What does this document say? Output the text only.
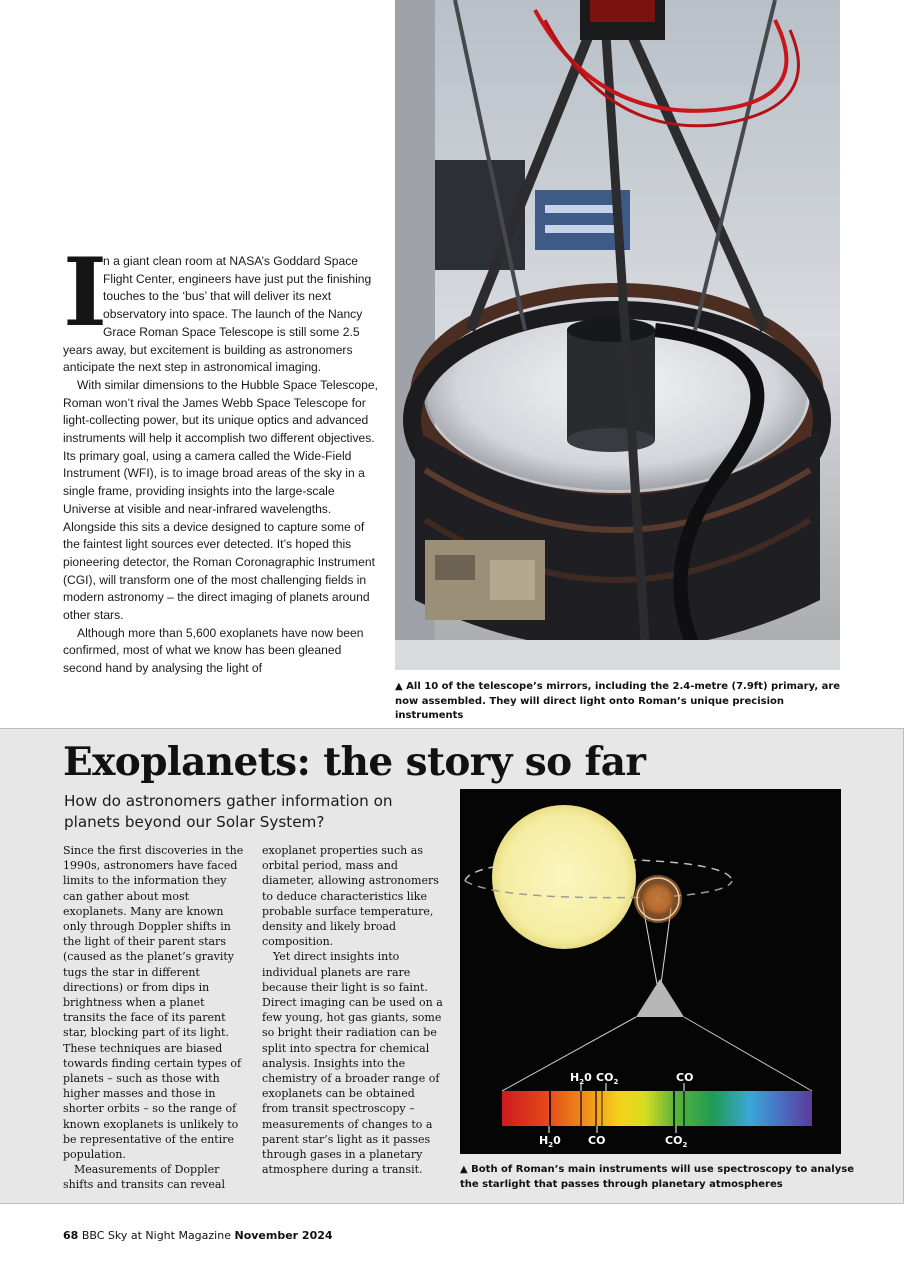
I

n a giant clean room at NASA’s Goddard Space Flight Center, engineers have just put the finishing touches to the ‘bus’ that will deliver its next observatory into space. The launch of the Nancy Grace Roman Space Telescope is still some 2.5 years away, but excitement is building as astronomers anticipate the next step in astronomical imaging.

With similar dimensions to the Hubble Space Telescope, Roman won’t rival the James Webb Space Telescope for light-collecting power, but its unique optics and advanced instruments will help it accomplish two different objectives. Its primary goal, using a camera called the Wide-Field Instrument (WFI), is to image broad areas of the sky in a single frame, providing insights into the large-scale Universe at visible and near-infrared wavelengths. Alongside this sits a device designed to capture some of the faintest light sources ever detected. It’s hoped this pioneering detector, the Roman Coronagraphic Instrument (CGI), will transform one of the most challenging fields in modern astronomy – the direct imaging of planets around other stars.

Although more than 5,600 exoplanets have now been confirmed, most of what we know has been gleaned second hand by analysing the light of

▲ All 10 of the telescope’s mirrors, including the 2.4-metre (7.9ft) primary, are now assembled. They will direct light onto Roman’s unique precision instruments
Exoplanets: the story so far
How do astronomers gather information on planets beyond our Solar System?

Since the first discoveries in the 1990s, astronomers have faced limits to the information they can gather about most exoplanets. Many are known only through Doppler shifts in the light of their parent stars (caused as the planet’s gravity tugs the star in different directions) or from dips in brightness when a planet transits the face of its parent star, blocking part of its light. These techniques are biased towards finding certain types of planets – such as those with higher masses and those in shorter orbits – so the range of known exoplanets is unlikely to be representative of the entire population.

Measurements of Doppler shifts and transits can reveal

exoplanet properties such as orbital period, mass and diameter, allowing astronomers to deduce characteristics like probable surface temperature, density and likely broad composition.

Yet direct insights into individual planets are rare because their light is so faint. Direct imaging can be used on a few young, hot gas giants, some so bright their radiation can be split into spectra for chemical analysis. Insights into the chemistry of a broader range of exoplanets can be obtained from transit spectroscopy – measurements of changes to a parent star’s light as it passes through gases in a planetary atmosphere during a transit.

$H_20$ $CO_2$	CO
$H_20$ CO	$CO_2$
▲ Both of Roman’s main instruments will use spectroscopy to analyse the starlight that passes through planetary atmospheres
68 BBC Sky at Night Magazine November 2024
